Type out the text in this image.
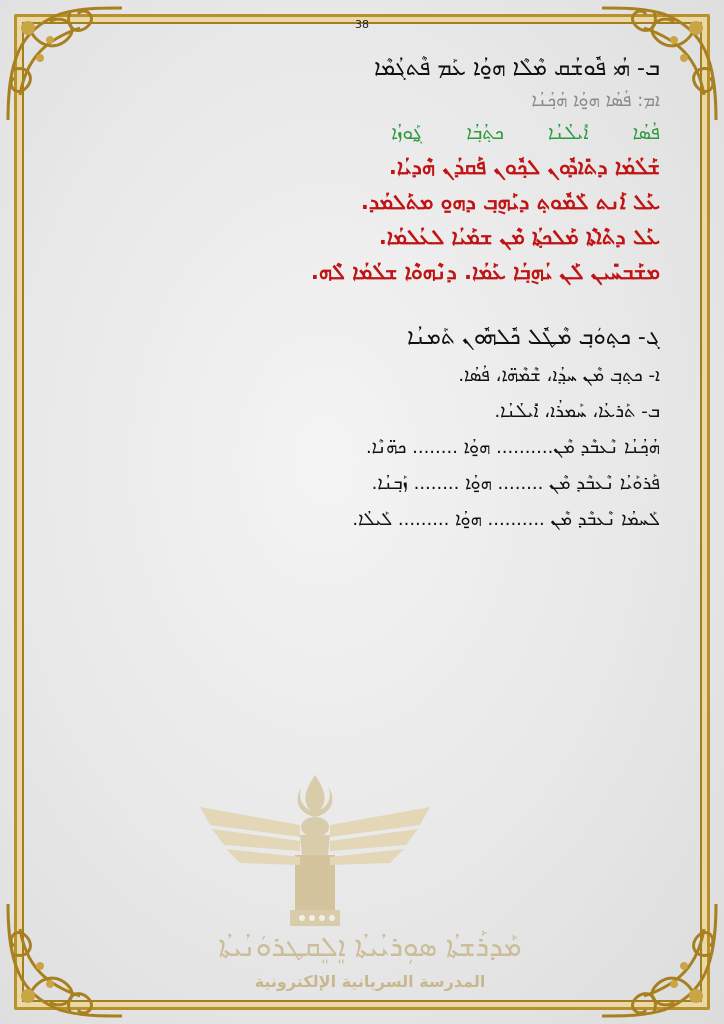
38
ܒ- ܗܳܝ ܦܽܘܫܳܩ ܡܶܠܶܐ ܗ̱ܘܳܐ ܥܰܡ ܦܶܬܓܳܡܶܐ
ܐܡ: ܦܳܣܳܐ ܗ̱ܘܳܐ ܗܳܟ݂ܳܢܳܐ
ܦܳܣܳܐ ܐܺܝܠܳܢܳܐ ܟܬ݂ܳܒ݂ܳܐ ܓ̰ܰܘܙܳܐ
ܫܰܠܳܡܳܐ ܕܬܺܐܕܽܘܢ ܠܟ݂ܽܘܢ ܦܰܩܕܳܢ ܗܶܕܝܳܐ.
ܥܰܠ ܐܰܢܬ ܠܰܡܽܘܬ݂ ܕܝܰܗ݈ܒ݂ ܕܗ̱ܘ ܡܬܰܠܡܳܕ.
ܥܰܠ ܕܬܶܐܬܶܐ ܡܰܠܟܬ݂ܳܐ ܡܶܢ ܫܡܰܝܳܐ ܠܥܳܠܡܳܐ.
ܡܫܰܒܚܺܝܢ ܠܰܢ ܝܳܗ݈ܒ݂ܳܐ ܥܰܡܳܐ. ܕܢܶܗܘܶܐ ܫܠܳܡܳܐ ܠܶܗ.
ܓ- ܟܬ݂ܘܿܒ݂ ܡܶܛܽܠ ܟܽܠܗܽܘܢ ܬܰܡܢܳܐ
ܐ- ܟܬ݂ܒ݂ ܡܶܢ ܚܕ݂ܳܐ، ܫܶܡܶܗ̈ܐ، ܦܳܣܳܐ.
ܒ- ܬܰܪܥܳܐ، ܚܰܡܪܳܐ، ܐܺܝܠܳܢܳܐ.
ܗܳܟ݂ܳܢܳܐ ܢܶܥܒܶܕ ܡܶܢ.......... ܗ̱ܘܳܐ ........ ܟܗ̈ܢܶܐ.
ܦܰܪܘܰܝܳܐ ܢܶܥܒܶܕ ܡܶܢ ........ ܗ̱ܘܳܐ ........ ܙܰܒ݂ܢܳܐ.
ܠܰܚܡܳܐ ܢܶܥܒܶܕ ܡܶܢ .......... ܗ̱ܘܳܐ ......... ܠܰܝܠܳܐ.
ܡܰܕܪܰܫܬܳܐ ܣܘܼܪܝܳܝܬܳܐ ܐܸܠܸܩܛܪܘܿܢܳܝܬܳܐ
المدرسة السريانية الإلكترونية
